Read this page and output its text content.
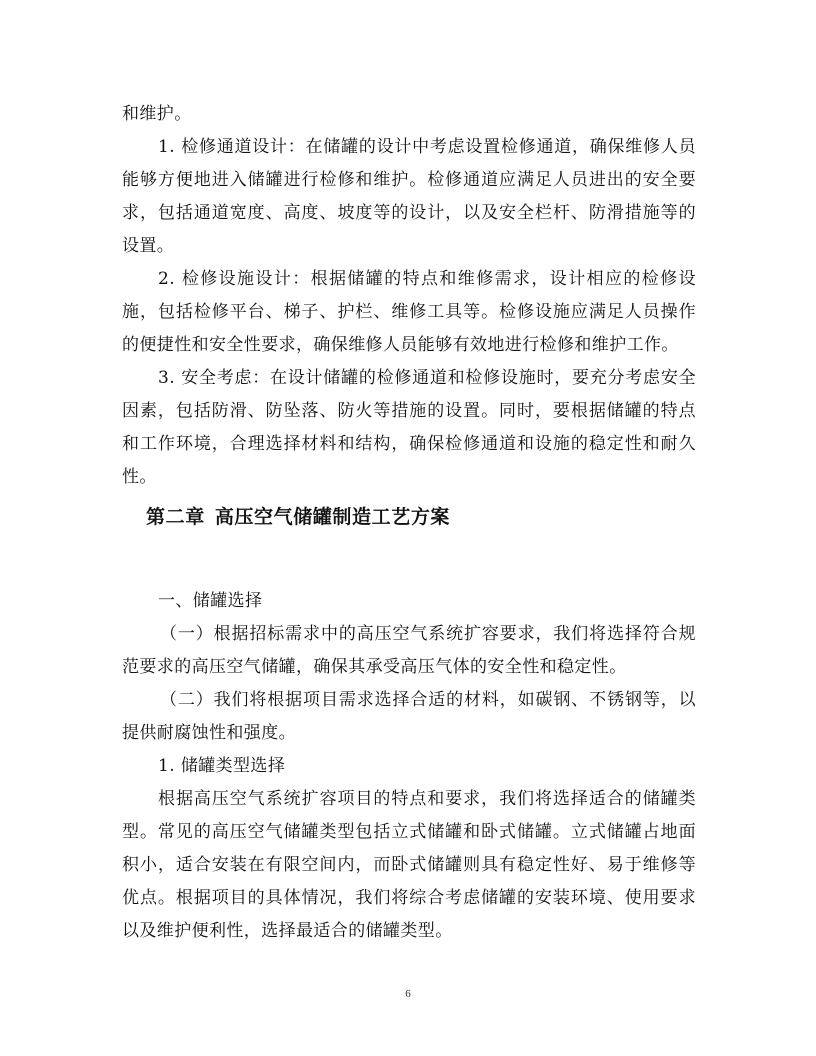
和维护。

1. 检修通道设计：在储罐的设计中考虑设置检修通道，确保维修人员能够方便地进入储罐进行检修和维护。检修通道应满足人员进出的安全要求，包括通道宽度、高度、坡度等的设计，以及安全栏杆、防滑措施等的设置。

2. 检修设施设计：根据储罐的特点和维修需求，设计相应的检修设施，包括检修平台、梯子、护栏、维修工具等。检修设施应满足人员操作的便捷性和安全性要求，确保维修人员能够有效地进行检修和维护工作。

3. 安全考虑：在设计储罐的检修通道和检修设施时，要充分考虑安全因素，包括防滑、防坠落、防火等措施的设置。同时，要根据储罐的特点和工作环境，合理选择材料和结构，确保检修通道和设施的稳定性和耐久性。

第二章 高压空气储罐制造工艺方案

一、储罐选择

（一）根据招标需求中的高压空气系统扩容要求，我们将选择符合规范要求的高压空气储罐，确保其承受高压气体的安全性和稳定性。

（二）我们将根据项目需求选择合适的材料，如碳钢、不锈钢等，以提供耐腐蚀性和强度。

1. 储罐类型选择

根据高压空气系统扩容项目的特点和要求，我们将选择适合的储罐类型。常见的高压空气储罐类型包括立式储罐和卧式储罐。立式储罐占地面积小，适合安装在有限空间内，而卧式储罐则具有稳定性好、易于维修等优点。根据项目的具体情况，我们将综合考虑储罐的安装环境、使用要求以及维护便利性，选择最适合的储罐类型。

6
